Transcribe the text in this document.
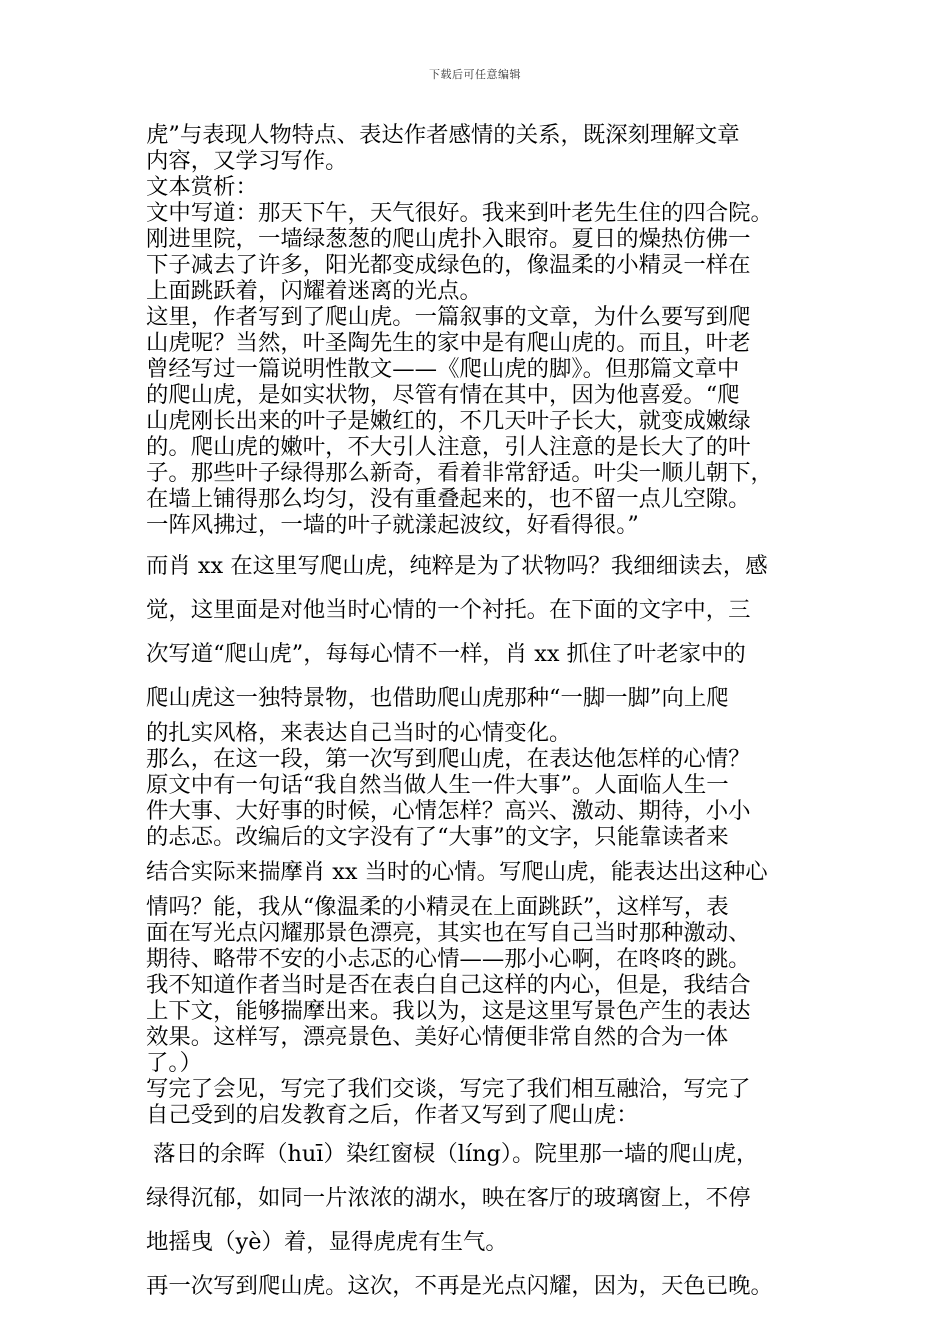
下载后可任意编辑
虎”与表现人物特点、表达作者感情的关系，既深刻理解文章
内容，又学习写作。
文本赏析：
文中写道：那天下午，天气很好。我来到叶老先生住的四合院。
刚进里院，一墙绿葱葱的爬山虎扑入眼帘。夏日的燥热仿佛一
下子减去了许多，阳光都变成绿色的，像温柔的小精灵一样在
上面跳跃着，闪耀着迷离的光点。
这里，作者写到了爬山虎。一篇叙事的文章，为什么要写到爬
山虎呢？当然，叶圣陶先生的家中是有爬山虎的。而且，叶老
曾经写过一篇说明性散文——《爬山虎的脚》。但那篇文章中
的爬山虎，是如实状物，尽管有情在其中，因为他喜爱。“爬
山虎刚长出来的叶子是嫩红的，不几天叶子长大，就变成嫩绿
的。爬山虎的嫩叶，不大引人注意，引人注意的是长大了的叶
子。那些叶子绿得那么新奇，看着非常舒适。叶尖一顺儿朝下，
在墙上铺得那么均匀，没有重叠起来的，也不留一点儿空隙。
一阵风拂过，一墙的叶子就漾起波纹，好看得很。”
而肖 xx 在这里写爬山虎，纯粹是为了状物吗？我细细读去，感
觉，这里面是对他当时心情的一个衬托。在下面的文字中，三
次写道“爬山虎”，每每心情不一样，肖 xx 抓住了叶老家中的
爬山虎这一独特景物，也借助爬山虎那种“一脚一脚”向上爬
的扎实风格，来表达自己当时的心情变化。
那么，在这一段，第一次写到爬山虎，在表达他怎样的心情？
原文中有一句话“我自然当做人生一件大事”。人面临人生一
件大事、大好事的时候，心情怎样？高兴、激动、期待，小小
的忐忑。改编后的文字没有了“大事”的文字，只能靠读者来
结合实际来揣摩肖 xx 当时的心情。写爬山虎，能表达出这种心
情吗？能，我从“像温柔的小精灵在上面跳跃”，这样写，表
面在写光点闪耀那景色漂亮，其实也在写自己当时那种激动、
期待、略带不安的小忐忑的心情——那小心啊，在咚咚的跳。
我不知道作者当时是否在表白自己这样的内心，但是，我结合
上下文，能够揣摩出来。我以为，这是这里写景色产生的表达
效果。这样写，漂亮景色、美好心情便非常自然的合为一体
了。）
写完了会见，写完了我们交谈，写完了我们相互融洽，写完了
自己受到的启发教育之后，作者又写到了爬山虎：
落日的余晖（huī）染红窗棂（líng）。院里那一墙的爬山虎，
绿得沉郁，如同一片浓浓的湖水，映在客厅的玻璃窗上，不停
地摇曳（yè）着，显得虎虎有生气。
再一次写到爬山虎。这次，不再是光点闪耀，因为，天色已晚。
